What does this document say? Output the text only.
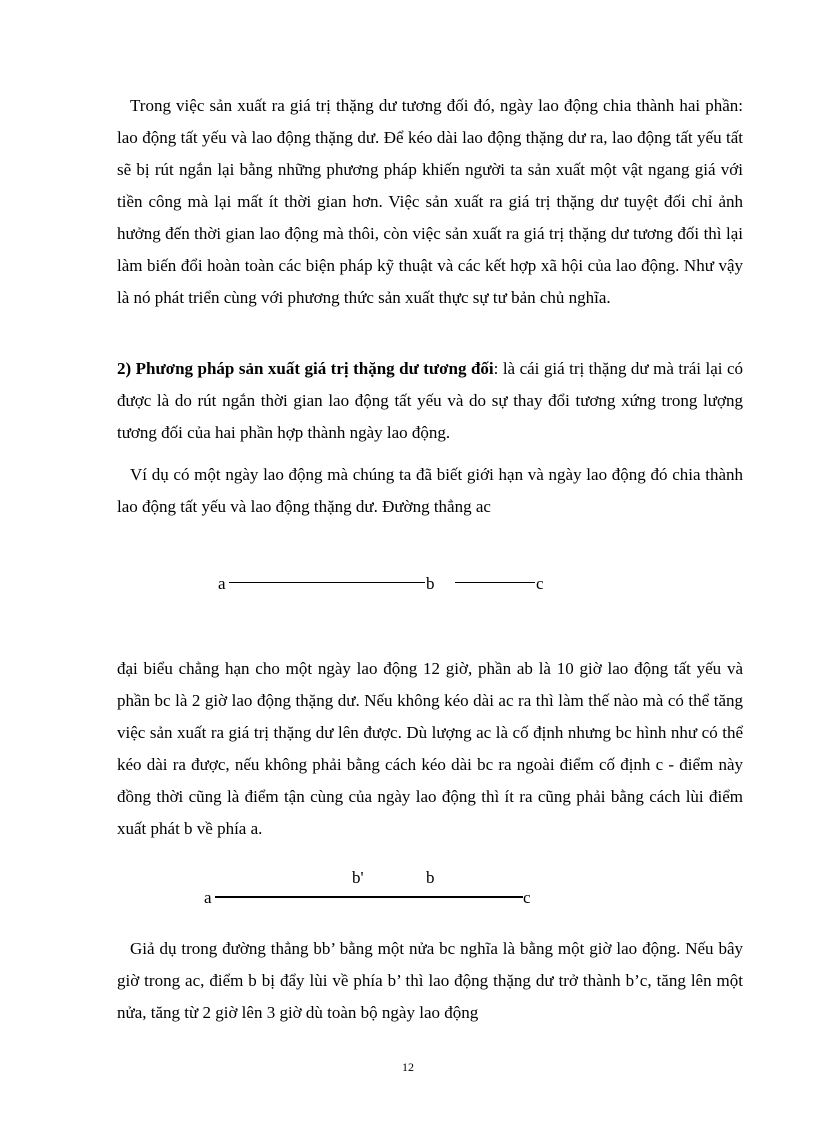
Trong việc sản xuất ra giá trị thặng dư tương đối đó, ngày lao động chia thành hai phần: lao động tất yếu và lao động thặng dư. Để kéo dài lao động thặng dư ra, lao động tất yếu tất sẽ bị rút ngắn lại bằng những phương pháp khiến người ta sản xuất một vật ngang giá với tiền công mà lại mất ít thời gian hơn. Việc sản xuất ra giá trị thặng dư tuyệt đối chỉ ảnh hưởng đến thời gian lao động mà thôi, còn việc sản xuất ra giá trị thặng dư tương đối thì lại làm biến đổi hoàn toàn các biện pháp kỹ thuật và các kết hợp xã hội của lao động. Như vậy là nó phát triển cùng với phương thức sản xuất thực sự tư bản chủ nghĩa.

2) Phương pháp sản xuất giá trị thặng dư tương đối: là cái giá trị thặng dư mà trái lại có được là do rút ngắn thời gian lao động tất yếu và do sự thay đổi tương xứng trong lượng tương đối của hai phần hợp thành ngày lao động.

Ví dụ có một ngày lao động mà chúng ta đã biết giới hạn và ngày lao động đó chia thành lao động tất yếu và lao động thặng dư. Đường thẳng ac

a	b	c

đại biểu chẳng hạn cho một ngày lao động 12 giờ, phần ab là 10 giờ lao động tất yếu và phần bc là 2 giờ lao động thặng dư. Nếu không kéo dài ac ra thì làm thế nào mà có thể tăng việc sản xuất ra giá trị thặng dư lên được. Dù lượng ac là cố định nhưng bc hình như có thể kéo dài ra được, nếu không phải bằng cách kéo dài bc ra ngoài điểm cố định c - điểm này đồng thời cũng là điểm tận cùng của ngày lao động thì ít ra cũng phải bằng cách lùi điểm xuất phát b về phía a.

b'	b
a	c

Giả dụ trong đường thẳng bb’ bằng một nửa bc nghĩa là bằng một giờ lao động. Nếu bây giờ trong ac, điểm b bị đẩy lùi về phía b’ thì lao động thặng dư trở thành b’c, tăng lên một nửa, tăng từ 2 giờ lên 3 giờ dù toàn bộ ngày lao động

12
